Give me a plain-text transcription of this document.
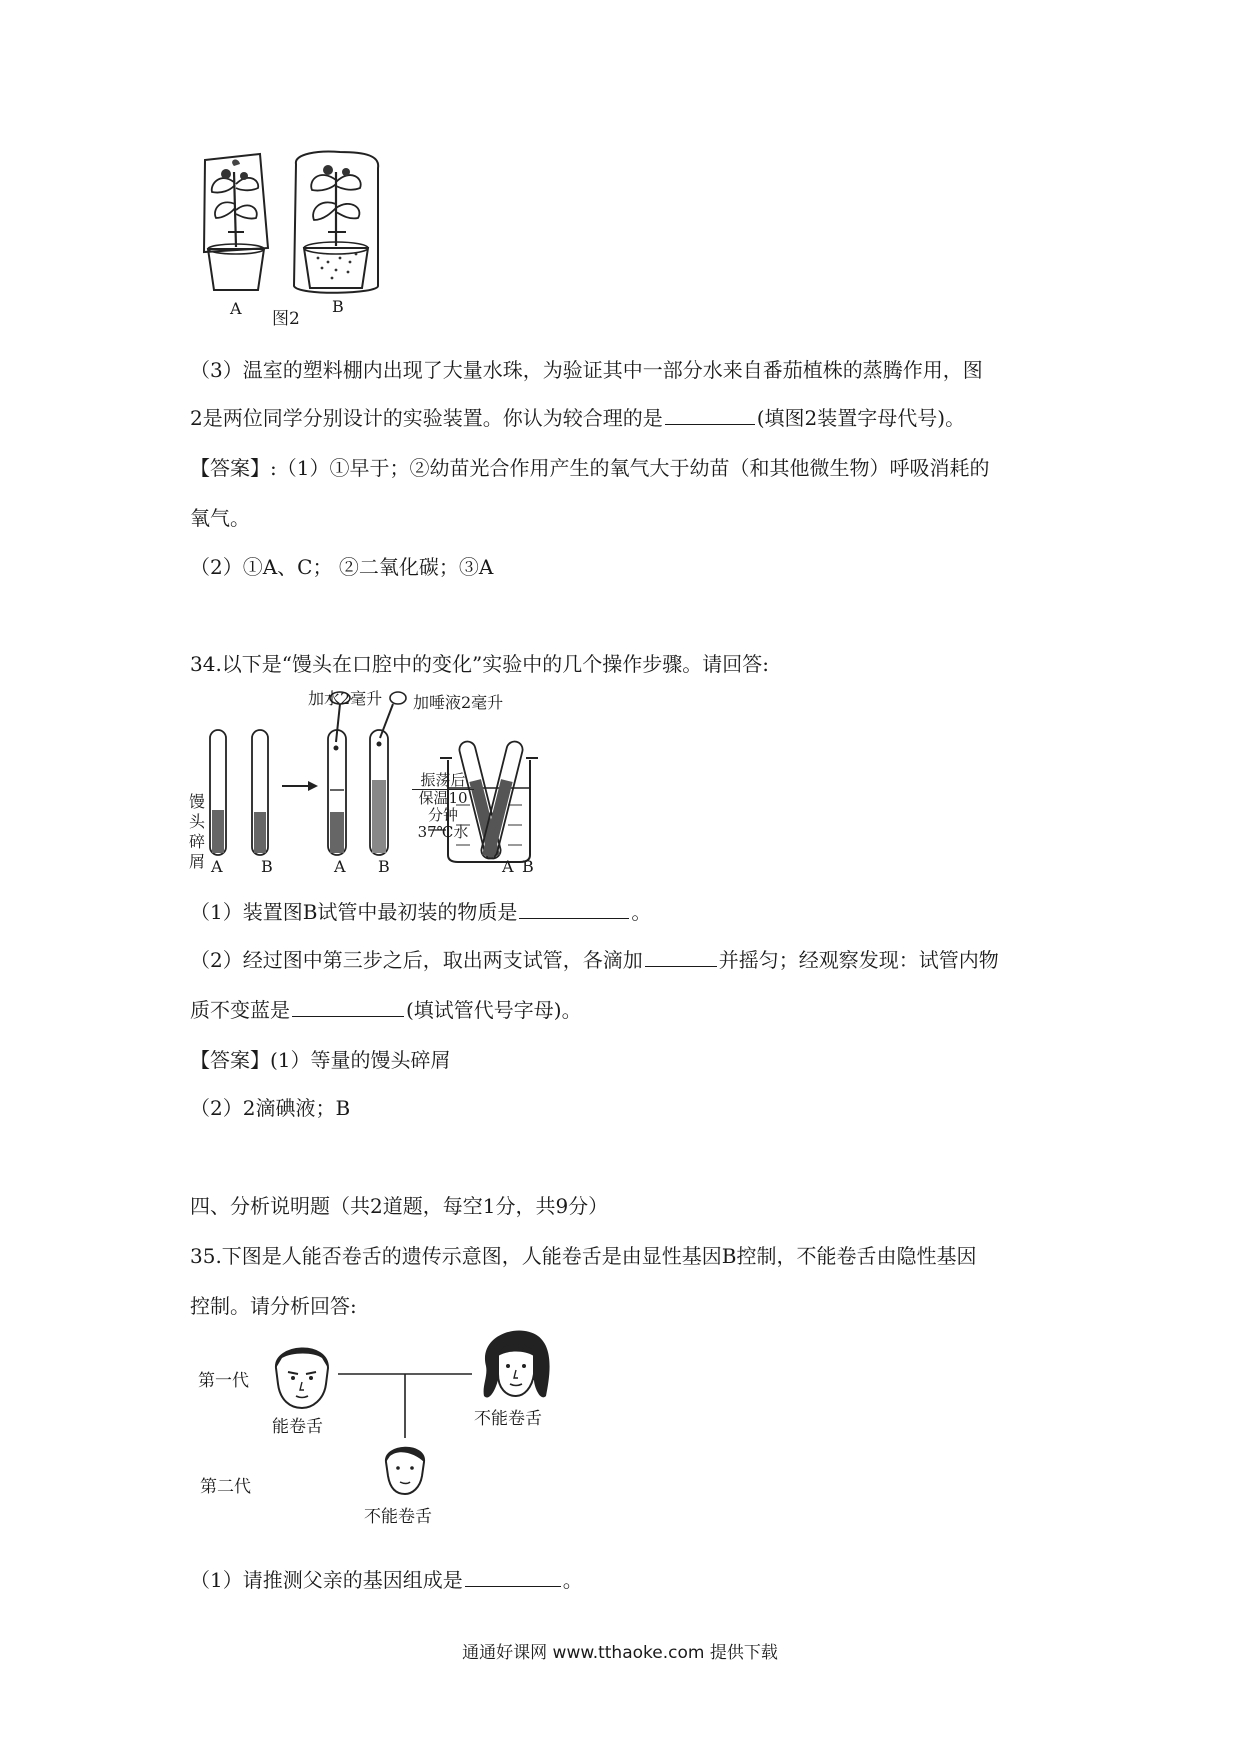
A	B
图2
（3）温室的塑料棚内出现了大量水珠，为验证其中一部分水来自番茄植株的蒸腾作用，图
2是两位同学分别设计的实验装置。你认为较合理的是	(填图2装置字母代号)。
【答案】:（1）①早于；②幼苗光合作用产生的氧气大于幼苗（和其他微生物）呼吸消耗的
氧气。
（2）①A、C； ②二氧化碳；③A
34.以下是“馒头在口腔中的变化”实验中的几个操作步骤。请回答:
加水2毫升 加唾液2毫升
馒
头
碎
屑
振荡后
保温10
分钟
37℃水
A B	A B	A B
（1）装置图B试管中最初装的物质是	。
（2）经过图中第三步之后，取出两支试管，各滴加	并摇匀；经观察发现：试管内物
质不变蓝是	(填试管代号字母)。
【答案】(1）等量的馒头碎屑
（2）2滴碘液；B
四、分析说明题（共2道题，每空1分，共9分）
35.下图是人能否卷舌的遗传示意图，人能卷舌是由显性基因B控制，不能卷舌由隐性基因
控制。请分析回答:
第一代
第二代
能卷舌	不能卷舌
不能卷舌
（1）请推测父亲的基因组成是	。
通通好课网 www.tthaoke.com 提供下载
